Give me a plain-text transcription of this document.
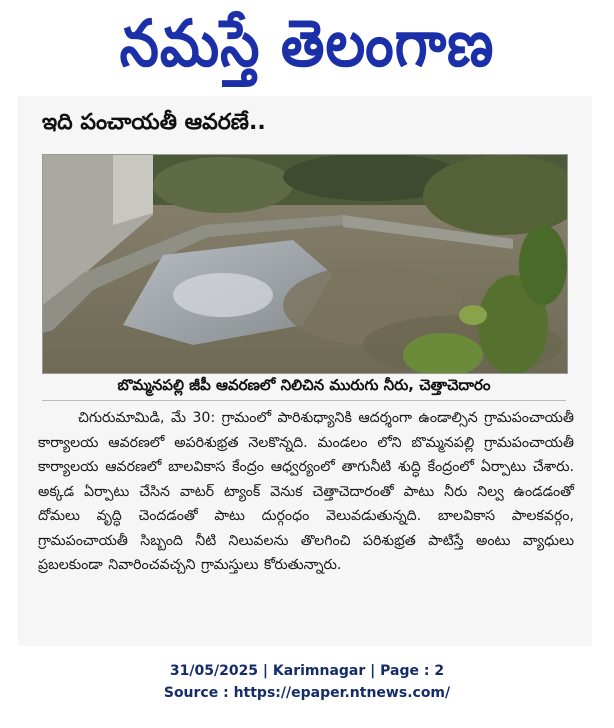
నమస్తే తెలంగాణ
ఇది పంచాయతీ ఆవరణే..
బొమ్మనపల్లి జీపీ ఆవరణలో నిలిచిన మురుగు నీరు, చెత్తాచెదారం
చిగురుమామిడి, మే 30: గ్రామంలో పారిశుధ్యానికి ఆదర్శంగా ఉండాల్సిన గ్రామపంచాయతీ కార్యాలయ ఆవరణలో అపరిశుభ్రత నెలకొన్నది. మండలం లోని బొమ్మనపల్లి గ్రామపంచాయతీ కార్యాలయ ఆవరణలో బాలవికాస కేంద్రం ఆధ్వర్యంలో తాగునీటి శుద్ధి కేంద్రంలో ఏర్పాటు చేశారు. అక్కడ ఏర్పాటు చేసిన వాటర్ ట్యాంక్ వెనుక చెత్తాచెదారంతో పాటు నీరు నిల్వ ఉండడంతో దోమలు వృద్ధి చెందడంతో పాటు దుర్గంధం వెలువడుతున్నది. బాలవికాస పాలకవర్గం, గ్రామపంచాయతీ సిబ్బంది నీటి నిలువలను తొలగించి పరిశుభ్రత పాటిస్తే అంటు వ్యాధులు ప్రబలకుండా నివారించవచ్చని గ్రామస్తులు కోరుతున్నారు.
31/05/2025 | Karimnagar | Page : 2
Source : https://epaper.ntnews.com/
